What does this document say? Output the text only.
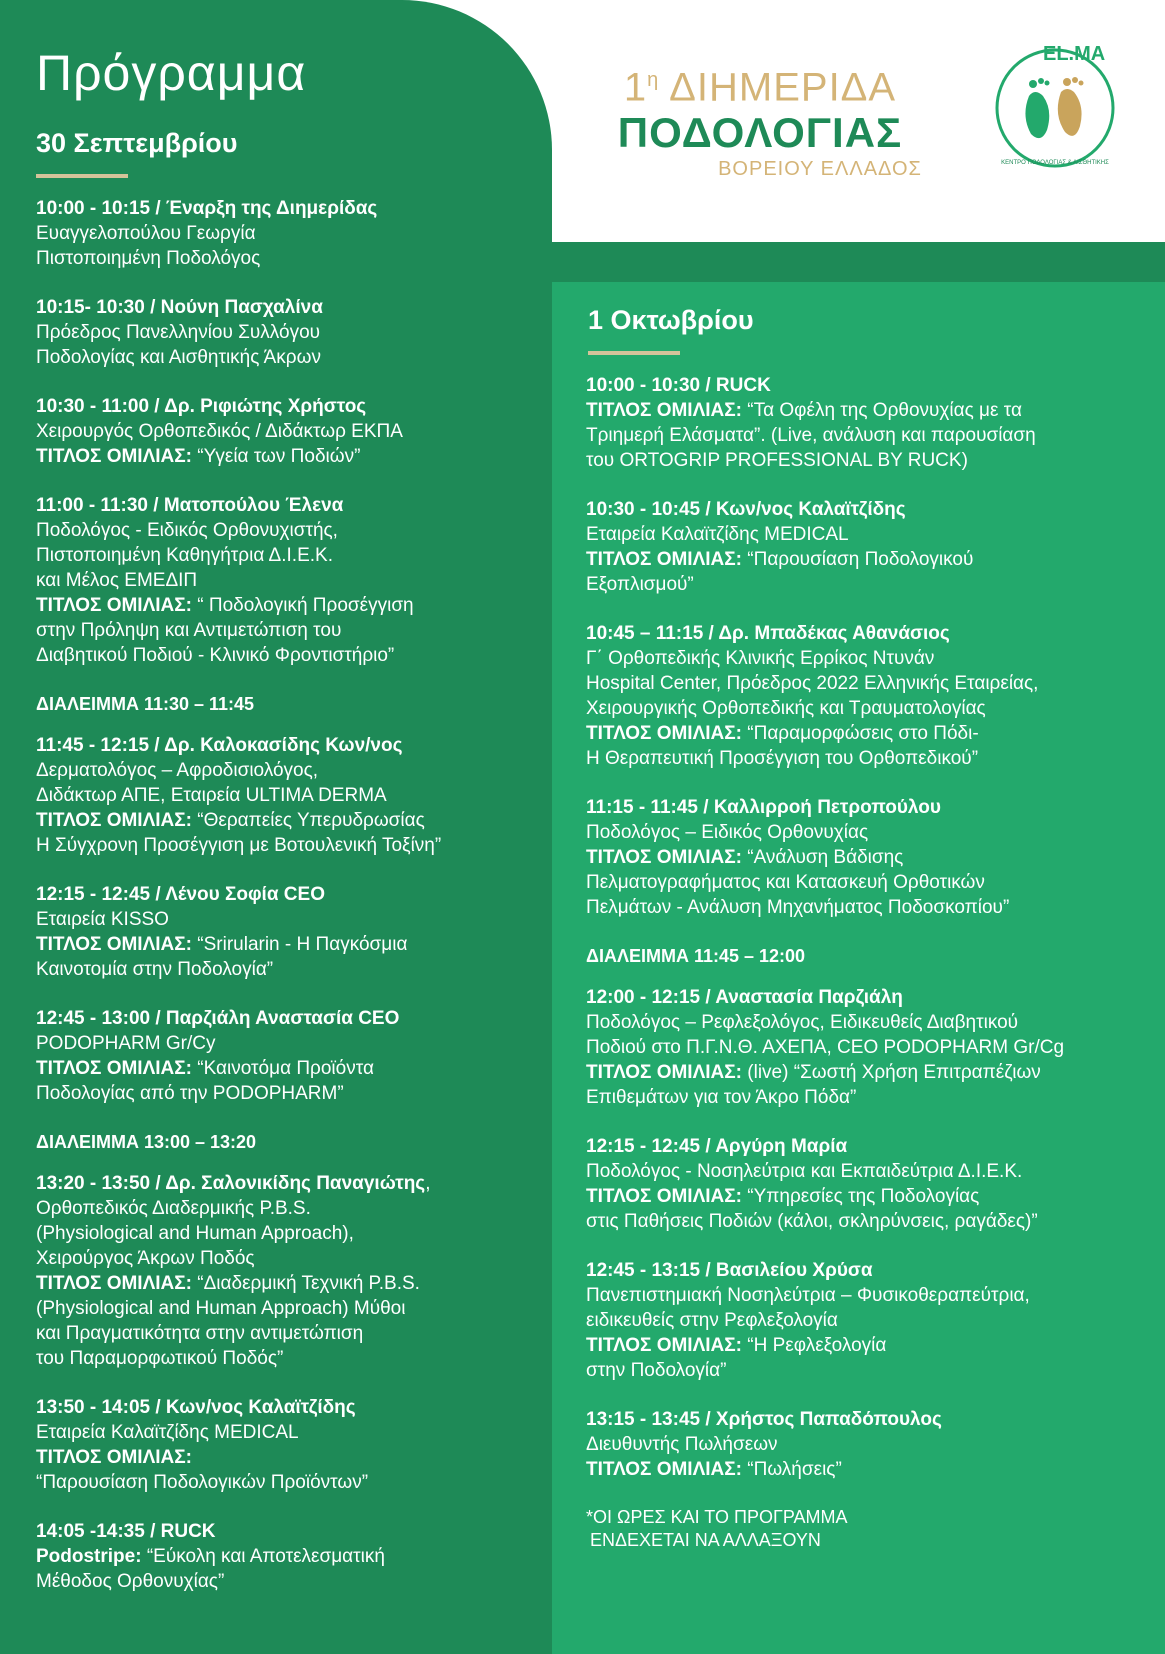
Πρόγραμμα	$1^\eta$ ΔΙΗΜΕΡΙΔΑ
ΠΟΔΟΛΟΓΙΑΣ
ΒΟΡΕΙΟΥ ΕΛΛΑΔΟΣ
EL.MA
ΚΕΝΤΡΟ ΠΟΔΟΛΟΓΙΑΣ & ΑΙΣΘΗΤΙΚΗΣ
30 Σεπτεμβρίου
10:00 - 10:15 / Έναρξη της Διημερίδας
Ευαγγελοπούλου Γεωργία
Πιστοποιημένη Ποδολόγος
10:15- 10:30 / Νούνη Πασχαλίνα
Πρόεδρος Πανελληνίου Συλλόγου
Ποδολογίας και Αισθητικής Άκρων
10:30 - 11:00 / Δρ. Ριφιώτης Χρήστος
Χειρουργός Ορθοπεδικός / Διδάκτωρ ΕΚΠΑ
ΤΙΤΛΟΣ ΟΜΙΛΙΑΣ: “Υγεία των Ποδιών”
11:00 - 11:30 / Ματοπούλου Έλενα
Ποδολόγος - Ειδικός Ορθονυχιστής,
Πιστοποιημένη Καθηγήτρια Δ.Ι.Ε.Κ.
και Μέλος ΕΜΕΔΙΠ
ΤΙΤΛΟΣ ΟΜΙΛΙΑΣ: “ Ποδολογική Προσέγγιση
στην Πρόληψη και Αντιμετώπιση του
Διαβητικού Ποδιού - Κλινικό Φροντιστήριο”
ΔΙΑΛΕΙΜΜΑ 11:30 – 11:45
11:45 - 12:15 / Δρ. Καλοκασίδης Κων/νος
Δερματολόγος – Αφροδισιολόγος,
Διδάκτωρ ΑΠΕ, Εταιρεία ULTIMA DERMA
ΤΙΤΛΟΣ ΟΜΙΛΙΑΣ: “Θεραπείες Υπερυδρωσίας
Η Σύγχρονη Προσέγγιση με Βοτουλενική Τοξίνη”
12:15 - 12:45 / Λένου Σοφία CEO
Εταιρεία KISSO
ΤΙΤΛΟΣ ΟΜΙΛΙΑΣ: “Srirularin - Η Παγκόσμια
Καινοτομία στην Ποδολογία”
12:45 - 13:00 / Παρζιάλη Αναστασία CEO
PODOPHARM Gr/Cy
ΤΙΤΛΟΣ ΟΜΙΛΙΑΣ: “Καινοτόμα Προϊόντα
Ποδολογίας από την PODOPHARM”
ΔΙΑΛΕΙΜΜΑ 13:00 – 13:20
13:20 - 13:50 / Δρ. Σαλονικίδης Παναγιώτης,
Ορθοπεδικός Διαδερμικής P.B.S.
(Physiological and Human Approach),
Χειρούργος Άκρων Ποδός
ΤΙΤΛΟΣ ΟΜΙΛΙΑΣ: “Διαδερμική Τεχνική P.B.S.
(Physiological and Human Approach) Μύθοι
και Πραγματικότητα στην αντιμετώπιση
του Παραμορφωτικού Ποδός”
13:50 - 14:05 / Κων/νος Καλαϊτζίδης
Εταιρεία Καλαϊτζίδης MEDICAL
ΤΙΤΛΟΣ ΟΜΙΛΙΑΣ:
“Παρουσίαση Ποδολογικών Προϊόντων”
14:05 -14:35 / RUCK
Podostripe: “Εύκολη και Αποτελεσματική
Μέθοδος Ορθονυχίας”
1 Οκτωβρίου
10:00 - 10:30 / RUCK
ΤΙΤΛΟΣ ΟΜΙΛΙΑΣ: “Τα Οφέλη της Ορθονυχίας με τα
Τριημερή Ελάσματα”. (Live, ανάλυση και παρουσίαση
του ORTOGRIP PROFESSIONAL BY RUCK)
10:30 - 10:45 / Κων/νος Καλαϊτζίδης
Εταιρεία Καλαϊτζίδης MEDICAL
ΤΙΤΛΟΣ ΟΜΙΛΙΑΣ: “Παρουσίαση Ποδολογικού
Εξοπλισμού”
10:45 – 11:15 / Δρ. Μπαδέκας Αθανάσιος
Γ΄ Ορθοπεδικής Κλινικής Ερρίκος Ντυνάν
Hospital Center, Πρόεδρος 2022 Ελληνικής Εταιρείας,
Χειρουργικής Ορθοπεδικής και Τραυματολογίας
ΤΙΤΛΟΣ ΟΜΙΛΙΑΣ: “Παραμορφώσεις στο Πόδι-
Η Θεραπευτική Προσέγγιση του Ορθοπεδικού”
11:15 - 11:45 / Καλλιρροή Πετροπούλου
Ποδολόγος – Ειδικός Ορθονυχίας
ΤΙΤΛΟΣ ΟΜΙΛΙΑΣ: “Ανάλυση Βάδισης
Πελματογραφήματος και Κατασκευή Ορθοτικών
Πελμάτων - Ανάλυση Μηχανήματος Ποδοσκοπίου”
ΔΙΑΛΕΙΜΜΑ 11:45 – 12:00
12:00 - 12:15 / Αναστασία Παρζιάλη
Ποδολόγος – Ρεφλεξολόγος, Ειδικευθείς Διαβητικού
Ποδιού στο Π.Γ.Ν.Θ. ΑΧΕΠΑ, CEO PODOPHARM Gr/Cg
ΤΙΤΛΟΣ ΟΜΙΛΙΑΣ: (live) “Σωστή Χρήση Επιτραπέζιων
Επιθεμάτων για τον Άκρο Πόδα”
12:15 - 12:45 / Αργύρη Μαρία
Ποδολόγος - Νοσηλεύτρια και Εκπαιδεύτρια Δ.Ι.Ε.Κ.
ΤΙΤΛΟΣ ΟΜΙΛΙΑΣ: “Υπηρεσίες της Ποδολογίας
στις Παθήσεις Ποδιών (κάλοι, σκληρύνσεις, ραγάδες)”
12:45 - 13:15 / Βασιλείου Χρύσα
Πανεπιστημιακή Νοσηλεύτρια – Φυσικοθεραπεύτρια,
ειδικευθείς στην Ρεφλεξολογία
ΤΙΤΛΟΣ ΟΜΙΛΙΑΣ: “Η Ρεφλεξολογία
στην Ποδολογία”
13:15 - 13:45 / Χρήστος Παπαδόπουλος
Διευθυντής Πωλήσεων
ΤΙΤΛΟΣ ΟΜΙΛΙΑΣ: “Πωλήσεις”
*ΟΙ ΩΡΕΣ ΚΑΙ ΤΟ ΠΡΟΓΡΑΜΜΑ
ΕΝΔΕΧΕΤΑΙ ΝΑ ΑΛΛΑΞΟΥΝ
